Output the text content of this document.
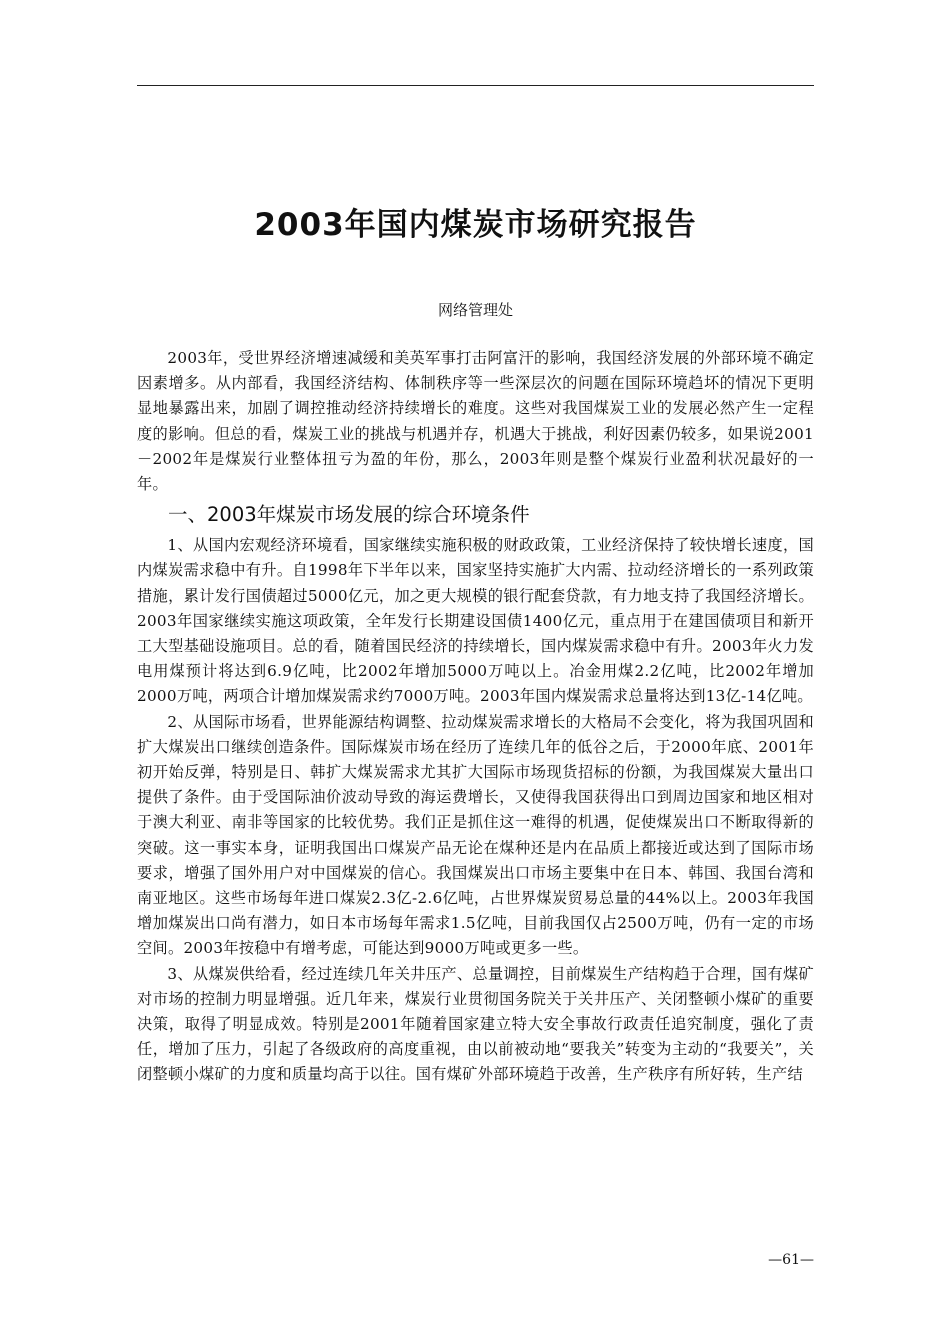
2003年国内煤炭市场研究报告
网络管理处

2003年，受世界经济增速减缓和美英军事打击阿富汗的影响，我国经济发展的外部环境不确定因素增多。从内部看，我国经济结构、体制秩序等一些深层次的问题在国际环境趋坏的情况下更明显地暴露出来，加剧了调控推动经济持续增长的难度。这些对我国煤炭工业的发展必然产生一定程度的影响。但总的看，煤炭工业的挑战与机遇并存，机遇大于挑战，利好因素仍较多，如果说2001－2002年是煤炭行业整体扭亏为盈的年份，那么，2003年则是整个煤炭行业盈利状况最好的一年。

一、2003年煤炭市场发展的综合环境条件

1、从国内宏观经济环境看，国家继续实施积极的财政政策，工业经济保持了较快增长速度，国内煤炭需求稳中有升。自1998年下半年以来，国家坚持实施扩大内需、拉动经济增长的一系列政策措施，累计发行国债超过5000亿元，加之更大规模的银行配套贷款，有力地支持了我国经济增长。2003年国家继续实施这项政策，全年发行长期建设国债1400亿元，重点用于在建国债项目和新开工大型基础设施项目。总的看，随着国民经济的持续增长，国内煤炭需求稳中有升。2003年火力发电用煤预计将达到6.9亿吨，比2002年增加5000万吨以上。冶金用煤2.2亿吨，比2002年增加2000万吨，两项合计增加煤炭需求约7000万吨。2003年国内煤炭需求总量将达到13亿-14亿吨。

2、从国际市场看，世界能源结构调整、拉动煤炭需求增长的大格局不会变化，将为我国巩固和扩大煤炭出口继续创造条件。国际煤炭市场在经历了连续几年的低谷之后，于2000年底、2001年初开始反弹，特别是日、韩扩大煤炭需求尤其扩大国际市场现货招标的份额，为我国煤炭大量出口提供了条件。由于受国际油价波动导致的海运费增长，又使得我国获得出口到周边国家和地区相对于澳大利亚、南非等国家的比较优势。我们正是抓住这一难得的机遇，促使煤炭出口不断取得新的突破。这一事实本身，证明我国出口煤炭产品无论在煤种还是内在品质上都接近或达到了国际市场要求，增强了国外用户对中国煤炭的信心。我国煤炭出口市场主要集中在日本、韩国、我国台湾和南亚地区。这些市场每年进口煤炭2.3亿-2.6亿吨，占世界煤炭贸易总量的44%以上。2003年我国增加煤炭出口尚有潜力，如日本市场每年需求1.5亿吨，目前我国仅占2500万吨，仍有一定的市场空间。2003年按稳中有增考虑，可能达到9000万吨或更多一些。

3、从煤炭供给看，经过连续几年关井压产、总量调控，目前煤炭生产结构趋于合理，国有煤矿对市场的控制力明显增强。近几年来，煤炭行业贯彻国务院关于关井压产、关闭整顿小煤矿的重要决策，取得了明显成效。特别是2001年随着国家建立特大安全事故行政责任追究制度，强化了责任，增加了压力，引起了各级政府的高度重视，由以前被动地“要我关”转变为主动的“我要关”，关闭整顿小煤矿的力度和质量均高于以往。国有煤矿外部环境趋于改善，生产秩序有所好转，生产结

—61—
